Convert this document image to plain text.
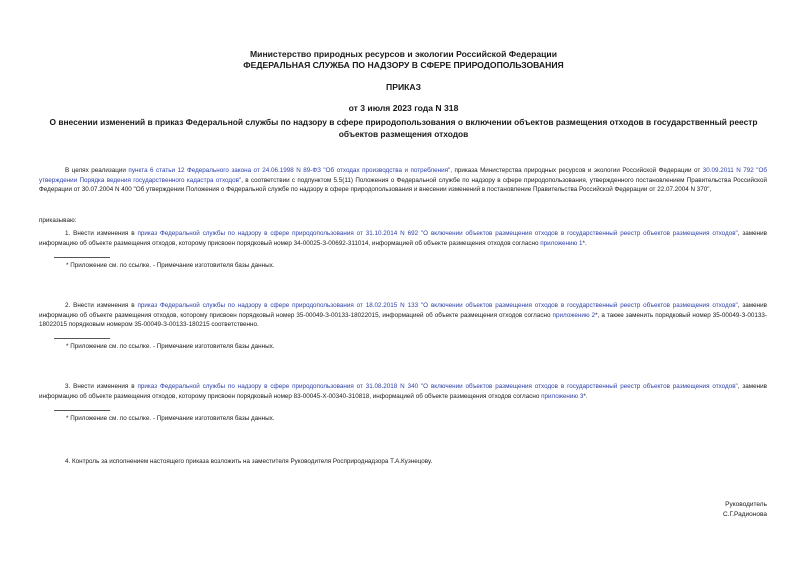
Министерство природных ресурсов и экологии Российской Федерации
ФЕДЕРАЛЬНАЯ СЛУЖБА ПО НАДЗОРУ В СФЕРЕ ПРИРОДОПОЛЬЗОВАНИЯ
ПРИКАЗ
от 3 июля 2023 года N 318
О внесении изменений в приказ Федеральной службы по надзору в сфере природопользования о включении объектов размещения отходов в государственный реестр объектов размещения отходов
В целях реализации пункта 6 статьи 12 Федерального закона от 24.06.1998 N 89-ФЗ "Об отходах производства и потребления", приказа Министерства природных ресурсов и экологии Российской Федерации от 30.09.2011 N 792 "Об утверждении Порядка ведения государственного кадастра отходов", в соответствии с подпунктом 5.5(11) Положения о Федеральной службе по надзору в сфере природопользования, утвержденного постановлением Правительства Российской Федерации от 30.07.2004 N 400 "Об утверждении Положения о Федеральной службе по надзору в сфере природопользования и внесении изменений в постановление Правительства Российской Федерации от 22.07.2004 N 370",
приказываю:
1. Внести изменения в приказ Федеральной службы по надзору в сфере природопользования от 31.10.2014 N 692 "О включении объектов размещения отходов в государственный реестр объектов размещения отходов", заменив информацию об объекте размещения отходов, которому присвоен порядковый номер 34-00025-З-00692-311014, информацией об объекте размещения отходов согласно приложению 1*.
* Приложение см. по ссылке. - Примечание изготовителя базы данных.
2. Внести изменения в приказ Федеральной службы по надзору в сфере природопользования от 18.02.2015 N 133 "О включении объектов размещения отходов в государственный реестр объектов размещения отходов", заменив информацию об объекте размещения отходов, которому присвоен порядковый номер 35-00049-З-00133-18022015, информацией об объекте размещения отходов согласно приложению 2*, а также заменить порядковый номер 35-00049-З-00133-18022015 порядковым номером 35-00049-З-00133-180215 соответственно.
* Приложение см. по ссылке. - Примечание изготовителя базы данных.
3. Внести изменения в приказ Федеральной службы по надзору в сфере природопользования от 31.08.2018 N 340 "О включении объектов размещения отходов в государственный реестр объектов размещения отходов", заменив информацию об объекте размещения отходов, которому присвоен порядковый номер 83-00045-Х-00340-310818, информацией об объекте размещения отходов согласно приложению 3*.
* Приложение см. по ссылке. - Примечание изготовителя базы данных.
4. Контроль за исполнением настоящего приказа возложить на заместителя Руководителя Росприроднадзора Т.А.Кузнецову.
Руководитель
С.Г.Радионова
